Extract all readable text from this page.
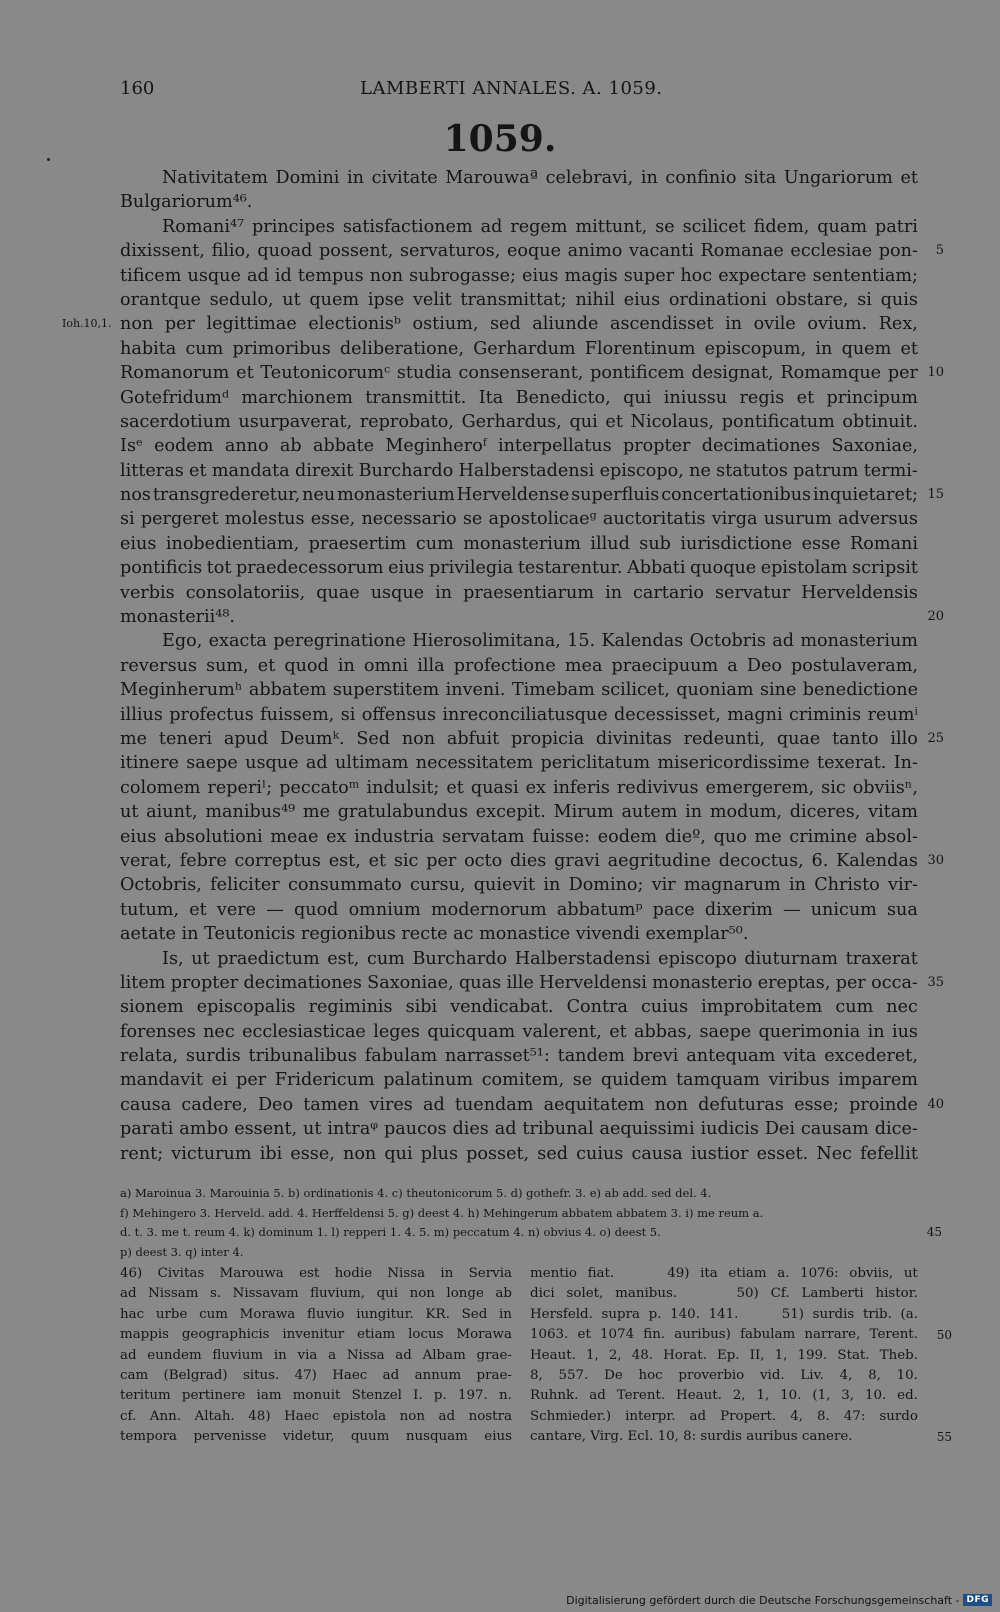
160	LAMBERTI ANNALES. A. 1059.
1059.
Nativitatem Domini in civitate Marouwaª celebravi, in confinio sita Ungariorum et
Bulgariorum⁴⁶.
Romani⁴⁷ principes satisfactionem ad regem mittunt, se scilicet fidem, quam patri
dixissent, filio, quoad possent, servaturos, eoque animo vacanti Romanae ecclesiae pon- 5
tificem usque ad id tempus non subrogasse; eius magis super hoc expectare sententiam;
orantque sedulo, ut quem ipse velit transmittat; nihil eius ordinationi obstare, si quis
non per legittimae electionisᵇ ostium, sed aliunde ascendisset in ovile ovium. Rex,
Ioh.10,1.
habita cum primoribus deliberatione, Gerhardum Florentinum episcopum, in quem et
Romanorum et Teutonicorumᶜ studia consenserant, pontificem designat, Romamque per 10
Gotefridumᵈ marchionem transmittit. Ita Benedicto, qui iniussu regis et principum
sacerdotium usurpaverat, reprobato, Gerhardus, qui et Nicolaus, pontificatum obtinuit.
Isᵉ eodem anno ab abbate Meginheroᶠ interpellatus propter decimationes Saxoniae,
litteras et mandata direxit Burchardo Halberstadensi episcopo, ne statutos patrum termi-
nos transgrederetur, neu monasterium Herveldense superfluis concertationibus inquietaret; 15
si pergeret molestus esse, necessario se apostolicaeᵍ auctoritatis virga usurum adversus
eius inobedientiam, praesertim cum monasterium illud sub iurisdictione esse Romani
pontificis tot praedecessorum eius privilegia testarentur. Abbati quoque epistolam scripsit
verbis consolatoriis, quae usque in praesentiarum in cartario servatur Herveldensis
monasterii⁴⁸.	20
Ego, exacta peregrinatione Hierosolimitana, 15. Kalendas Octobris ad monasterium
reversus sum, et quod in omni illa profectione mea praecipuum a Deo postulaveram,
Meginherumʰ abbatem superstitem inveni. Timebam scilicet, quoniam sine benedictione
illius profectus fuissem, si offensus inreconciliatusque decessisset, magni criminis reumⁱ
me teneri apud Deumᵏ. Sed non abfuit propicia divinitas redeunti, quae tanto illo 25
itinere saepe usque ad ultimam necessitatem periclitatum misericordissime texerat. In-
colomem reperiˡ; peccatoᵐ indulsit; et quasi ex inferis redivivus emergerem, sic obviisⁿ,
ut aiunt, manibus⁴⁹ me gratulabundus excepit. Mirum autem in modum, diceres, vitam
eius absolutioni meae ex industria servatam fuisse: eodem dieº, quo me crimine absol-
verat, febre correptus est, et sic per octo dies gravi aegritudine decoctus, 6. Kalendas 30
Octobris, feliciter consummato cursu, quievit in Domino; vir magnarum in Christo vir-
tutum, et vere — quod omnium modernorum abbatumᵖ pace dixerim — unicum sua
aetate in Teutonicis regionibus recte ac monastice vivendi exemplar⁵⁰.
Is, ut praedictum est, cum Burchardo Halberstadensi episcopo diuturnam traxerat
litem propter decimationes Saxoniae, quas ille Herveldensi monasterio ereptas, per occa- 35
sionem episcopalis regiminis sibi vendicabat. Contra cuius improbitatem cum nec
forenses nec ecclesiasticae leges quicquam valerent, et abbas, saepe querimonia in ius
relata, surdis tribunalibus fabulam narrasset⁵¹: tandem brevi antequam vita excederet,
mandavit ei per Fridericum palatinum comitem, se quidem tamquam viribus imparem
causa cadere, Deo tamen vires ad tuendam aequitatem non defuturas esse; proinde 40
parati ambo essent, ut intraᵠ paucos dies ad tribunal aequissimi iudicis Dei causam dice-
rent; victurum ibi esse, non qui plus posset, sed cuius causa iustior esset. Nec fefellit
a) Maroinua 3. Marouinia 5. b) ordinationis 4. c) theutonicorum 5. d) gothefr. 3. e) ab add. sed del. 4.
f) Mehingero 3. Herveld. add. 4. Herffeldensi 5. g) deest 4. h) Mehingerum abbatem abbatem 3. i) me reum a.
d. t. 3. me t. reum 4. k) dominum 1. l) repperi 1. 4. 5. m) peccatum 4. n) obvius 4. o) deest 5.	45
p) deest 3. q) inter 4.
46) Civitas Marouwa est hodie Nissa in Servia
ad Nissam s. Nissavam fluvium, qui non longe ab
hac urbe cum Morawa fluvio iungitur. KR. Sed in
mappis geographicis invenitur etiam locus Morawa
ad eundem fluvium in via a Nissa ad Albam grae-
cam (Belgrad) situs. 47) Haec ad annum prae-
teritum pertinere iam monuit Stenzel I. p. 197. n.
cf. Ann. Altah. 48) Haec epistola non ad nostra
tempora pervenisse videtur, quum nusquam eius
mentio fiat.	49) ita etiam a. 1076: obviis, ut
dici solet, manibus.	50) Cf. Lamberti histor.
Hersfeld. supra p. 140. 141.	51) surdis trib. (a.
1063. et 1074 fin. auribus) fabulam narrare, Terent. 50
Heaut. 1, 2, 48. Horat. Ep. II, 1, 199. Stat. Theb.
8, 557. De hoc proverbio vid. Liv. 4, 8, 10.
Ruhnk. ad Terent. Heaut. 2, 1, 10. (1, 3, 10. ed.
Schmieder.) interpr. ad Propert. 4, 8. 47: surdo
cantare, Virg. Ecl. 10, 8: surdis auribus canere.	55
Digitalisierung gefördert durch die Deutsche Forschungsgemeinschaft - DFG
